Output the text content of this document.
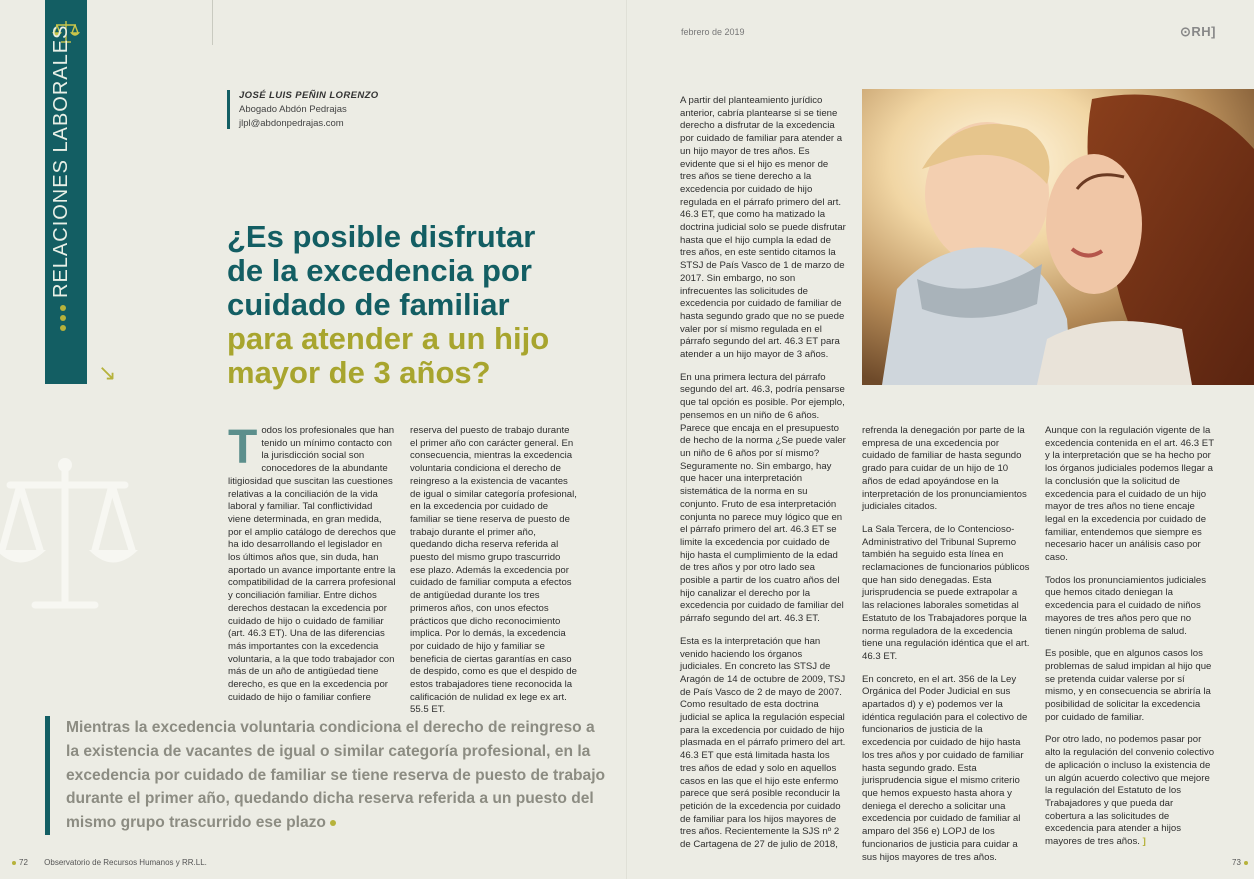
RELACIONES LABORALES
↘
JOSÉ LUIS PEÑIN LORENZO
Abogado Abdón Pedrajas
jlpl@abdonpedrajas.com
¿Es posible disfrutar
de la excedencia por
cuidado de familiar
para atender a un hijo
mayor de 3 años?

Todos los profesionales que han tenido un mínimo contacto con la jurisdicción social son conocedores de la abundante litigiosidad que suscitan las cuestiones relativas a la conciliación de la vida laboral y familiar. Tal conflictividad viene determinada, en gran medida, por el amplio catálogo de derechos que ha ido desarrollando el legislador en los últimos años que, sin duda, han aportado un avance importante entre la compatibilidad de la carrera profesional y conciliación familiar. Entre dichos derechos destacan la excedencia por cuidado de hijo o cuidado de familiar (art. 46.3 ET). Una de las diferencias más importantes con la excedencia voluntaria, a la que todo trabajador con más de un año de antigüedad tiene derecho, es que en la excedencia por cuidado de hijo o familiar confiere

reserva del puesto de trabajo durante el primer año con carácter general. En consecuencia, mientras la excedencia voluntaria condiciona el derecho de reingreso a la existencia de vacantes de igual o similar categoría profesional, en la excedencia por cuidado de familiar se tiene reserva de puesto de trabajo durante el primer año, quedando dicha reserva referida al puesto del mismo grupo trascurrido ese plazo. Además la excedencia por cuidado de familiar computa a efectos de antigüedad durante los tres primeros años, con unos efectos prácticos que dicho reconocimiento implica. Por lo demás, la excedencia por cuidado de hijo y familiar se beneficia de ciertas garantías en caso de despido, como es que el despido de estos trabajadores tiene reconocida la calificación de nulidad ex lege ex art. 55.5 ET.

Mientras la excedencia voluntaria condiciona el derecho de reingreso a la existencia de vacantes de igual o similar categoría profesional, en la excedencia por cuidado de familiar se tiene reserva de puesto de trabajo durante el primer año, quedando dicha reserva referida a un puesto del mismo grupo trascurrido ese plazo
febrero de 2019	⊙RH]

A partir del planteamiento jurídico anterior, cabría plantearse si se tiene derecho a disfrutar de la excedencia por cuidado de familiar para atender a un hijo mayor de tres años. Es evidente que si el hijo es menor de tres años se tiene derecho a la excedencia por cuidado de hijo regulada en el párrafo primero del art. 46.3 ET, que como ha matizado la doctrina judicial solo se puede disfrutar hasta que el hijo cumpla la edad de tres años, en este sentido citamos la STSJ de País Vasco de 1 de marzo de 2017. Sin embargo, no son infrecuentes las solicitudes de excedencia por cuidado de familiar de hasta segundo grado que no se puede valer por sí mismo regulada en el párrafo segundo del art. 46.3 ET para atender a un hijo mayor de 3 años.

En una primera lectura del párrafo segundo del art. 46.3, podría pensarse que tal opción es posible. Por ejemplo, pensemos en un niño de 6 años. Parece que encaja en el presupuesto de hecho de la norma ¿Se puede valer un niño de 6 años por sí mismo? Seguramente no. Sin embargo, hay que hacer una interpretación sistemática de la norma en su conjunto. Fruto de esa interpretación conjunta no parece muy lógico que en el párrafo primero del art. 46.3 ET se limite la excedencia por cuidado de hijo hasta el cumplimiento de la edad de tres años y por otro lado sea posible a partir de los cuatro años del hijo canalizar el derecho por la excedencia por cuidado de familiar del párrafo segundo del art. 46.3 ET.

Esta es la interpretación que han venido haciendo los órganos judiciales. En concreto las STSJ de Aragón de 14 de octubre de 2009, TSJ de País Vasco de 2 de mayo de 2007. Como resultado de esta doctrina judicial se aplica la regulación especial para la excedencia por cuidado de hijo plasmada en el párrafo primero del art. 46.3 ET que está limitada hasta los tres años de edad y solo en aquellos casos en las que el hijo este enfermo parece que será posible reconducir la petición de la excedencia por cuidado de familiar para los hijos mayores de tres años. Recientemente la SJS nº 2 de Cartagena de 27 de julio de 2018,

refrenda la denegación por parte de la empresa de una excedencia por cuidado de familiar de hasta segundo grado para cuidar de un hijo de 10 años de edad apoyándose en la interpretación de los pronunciamientos judiciales citados.

La Sala Tercera, de lo Contencioso-Administrativo del Tribunal Supremo también ha seguido esta línea en reclamaciones de funcionarios públicos que han sido denegadas. Esta jurisprudencia se puede extrapolar a las relaciones laborales sometidas al Estatuto de los Trabajadores porque la norma reguladora de la excedencia tiene una regulación idéntica que el art. 46.3 ET.

En concreto, en el art. 356 de la Ley Orgánica del Poder Judicial en sus apartados d) y e) podemos ver la idéntica regulación para el colectivo de funcionarios de justicia de la excedencia por cuidado de hijo hasta los tres años y por cuidado de familiar hasta segundo grado. Esta jurisprudencia sigue el mismo criterio que hemos expuesto hasta ahora y deniega el derecho a solicitar una excedencia por cuidado de familiar al amparo del 356 e) LOPJ de los funcionarios de justicia para cuidar a sus hijos mayores de tres años.

Aunque con la regulación vigente de la excedencia contenida en el art. 46.3 ET y la interpretación que se ha hecho por los órganos judiciales podemos llegar a la conclusión que la solicitud de excedencia para el cuidado de un hijo mayor de tres años no tiene encaje legal en la excedencia por cuidado de familiar, entendemos que siempre es necesario hacer un análisis caso por caso.

Todos los pronunciamientos judiciales que hemos citado deniegan la excedencia para el cuidado de niños mayores de tres años pero que no tienen ningún problema de salud.

Es posible, que en algunos casos los problemas de salud impidan al hijo que se pretenda cuidar valerse por sí mismo, y en consecuencia se abriría la posibilidad de solicitar la excedencia por cuidado de familiar.

Por otro lado, no podemos pasar por alto la regulación del convenio colectivo de aplicación o incluso la existencia de un algún acuerdo colectivo que mejore la regulación del Estatuto de los Trabajadores y que pueda dar cobertura a las solicitudes de excedencia para atender a hijos mayores de tres años. ]

72 Observatorio de Recursos Humanos y RR.LL.	73
